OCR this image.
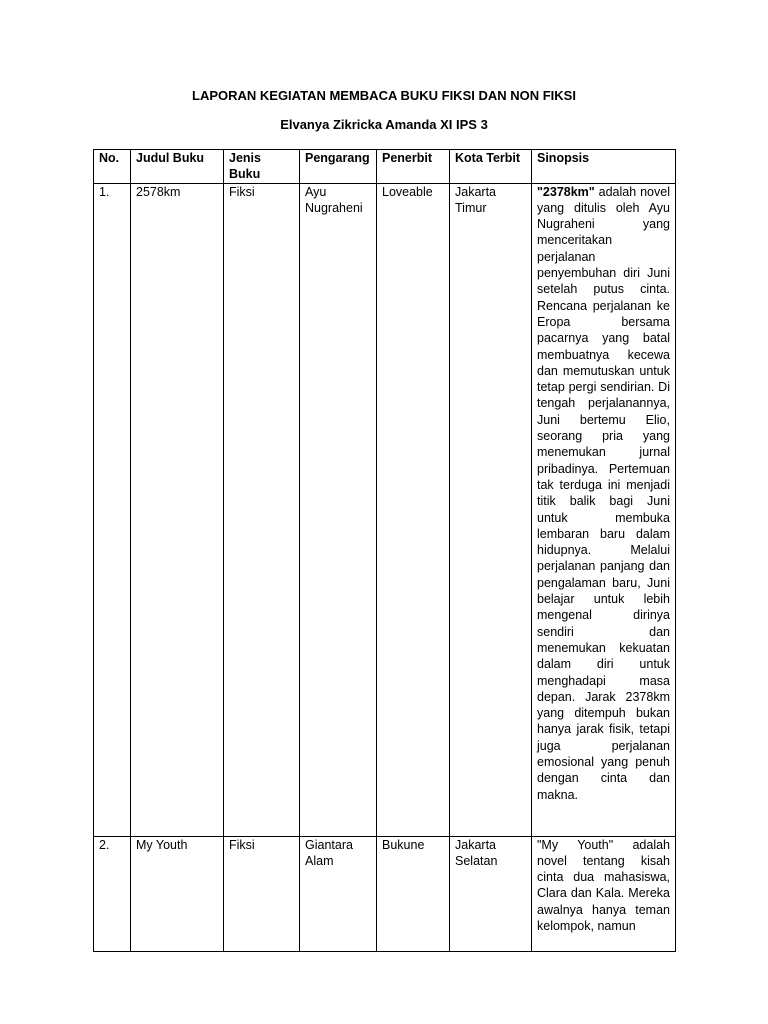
LAPORAN KEGIATAN MEMBACA BUKU FIKSI DAN NON FIKSI
Elvanya Zikricka Amanda XI IPS 3
No.	Judul Buku	Jenis Buku	Pengarang	Penerbit	Kota Terbit	Sinopsis
1.	2578km	Fiksi	Ayu Nugraheni	Loveable	Jakarta Timur	"2378km" adalah novel yang ditulis oleh Ayu Nugraheni yang menceritakan perjalanan penyembuhan diri Juni setelah putus cinta. Rencana perjalanan ke Eropa bersama pacarnya yang batal membuatnya kecewa dan memutuskan untuk tetap pergi sendirian. Di tengah perjalanannya, Juni bertemu Elio, seorang pria yang menemukan jurnal pribadinya. Pertemuan tak terduga ini menjadi titik balik bagi Juni untuk membuka lembaran baru dalam hidupnya. Melalui perjalanan panjang dan pengalaman baru, Juni belajar untuk lebih mengenal dirinya sendiri dan menemukan kekuatan dalam diri untuk menghadapi masa depan. Jarak 2378km yang ditempuh bukan hanya jarak fisik, tetapi juga perjalanan emosional yang penuh dengan cinta dan makna.
2.	My Youth	Fiksi	Giantara Alam	Bukune	Jakarta Selatan	"My Youth" adalah novel tentang kisah cinta dua mahasiswa, Clara dan Kala. Mereka awalnya hanya teman kelompok, namun
